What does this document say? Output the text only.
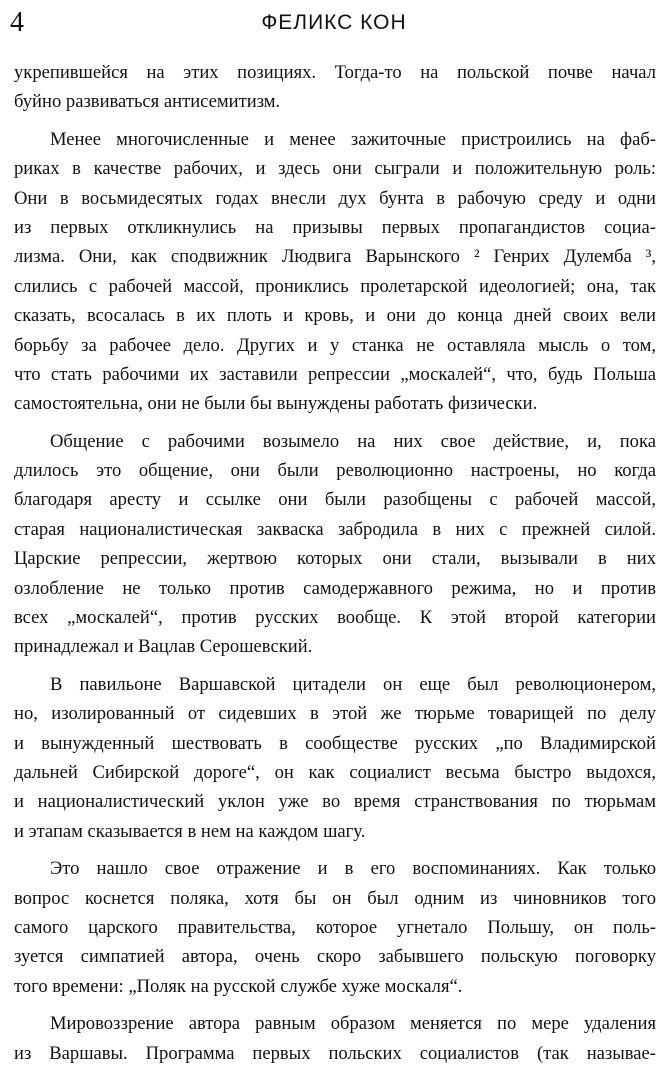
4	ФЕЛИКС КОН
укрепившейся на этих позициях. Тогда-то на польской почве начал
буйно развиваться антисемитизм.
Менее многочисленные и менее зажиточные пристроились на фаб-
риках в качестве рабочих, и здесь они сыграли и положительную роль:
Они в восьмидесятых годах внесли дух бунта в рабочую среду и одни
из первых откликнулись на призывы первых пропагандистов социа-
лизма. Они, как сподвижник Людвига Варынского ² Генрих Дулемба ³,
слились с рабочей массой, прониклись пролетарской идеологией; она, так
сказать, всосалась в их плоть и кровь, и они до конца дней своих вели
борьбу за рабочее дело. Других и у станка не оставляла мысль о том,
что стать рабочими их заставили репрессии „москалей“, что, будь Польша
самостоятельна, они не были бы вынуждены работать физически.
Общение с рабочими возымело на них свое действие, и, пока
длилось это общение, они были революционно настроены, но когда
благодаря аресту и ссылке они были разобщены с рабочей массой,
старая националистическая закваска забродила в них с прежней силой.
Царские репрессии, жертвою которых они стали, вызывали в них
озлобление не только против самодержавного режима, но и против
всех „москалей“, против русских вообще. К этой второй категории
принадлежал и Вацлав Серошевский.
В павильоне Варшавской цитадели он еще был революционером,
но, изолированный от сидевших в этой же тюрьме товарищей по делу
и вынужденный шествовать в сообществе русских „по Владимирской
дальней Сибирской дороге“, он как социалист весьма быстро выдохся,
и националистический уклон уже во время странствования по тюрьмам
и этапам сказывается в нем на каждом шагу.
Это нашло свое отражение и в его воспоминаниях. Как только
вопрос коснется поляка, хотя бы он был одним из чиновников того
самого царского правительства, которое угнетало Польшу, он поль-
зуется симпатией автора, очень скоро забывшего польскую поговорку
того времени: „Поляк на русской службе хуже москаля“.
Мировоззрение автора равным образом меняется по мере удаления
из Варшавы. Программа первых польских социалистов (так называе-
